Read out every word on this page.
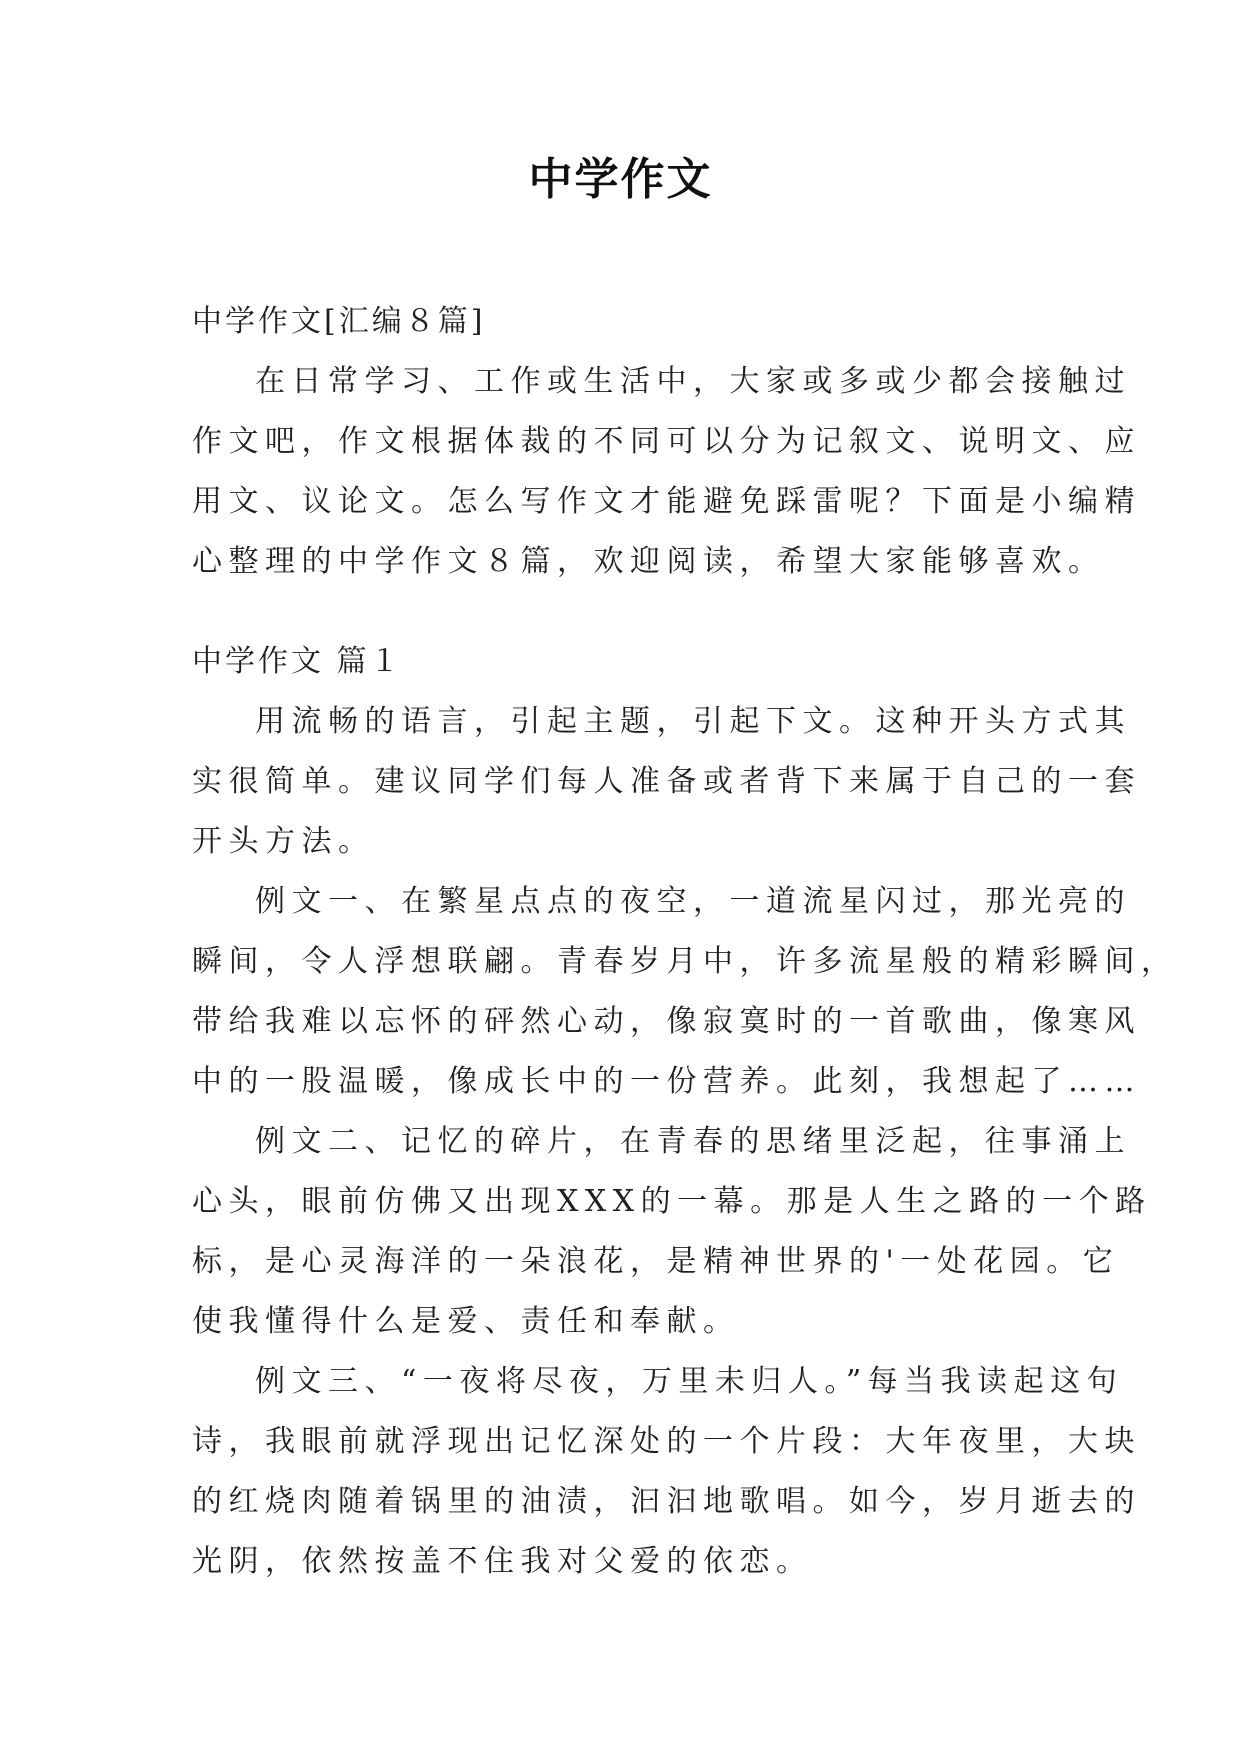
中学作文
中学作文[汇编８篇]
在日常学习、工作或生活中，大家或多或少都会接触过
作文吧，作文根据体裁的不同可以分为记叙文、说明文、应
用文、议论文。怎么写作文才能避免踩雷呢？下面是小编精
心整理的中学作文８篇，欢迎阅读，希望大家能够喜欢。
中学作文 篇１
用流畅的语言，引起主题，引起下文。这种开头方式其
实很简单。建议同学们每人准备或者背下来属于自己的一套
开头方法。
例文一、在繁星点点的夜空，一道流星闪过，那光亮的
瞬间，令人浮想联翩。青春岁月中，许多流星般的精彩瞬间，
带给我难以忘怀的砰然心动，像寂寞时的一首歌曲，像寒风
中的一股温暖，像成长中的一份营养。此刻，我想起了……
例文二、记忆的碎片，在青春的思绪里泛起，往事涌上
心头，眼前仿佛又出现XXX的一幕。那是人生之路的一个路
标，是心灵海洋的一朵浪花，是精神世界的'一处花园。它
使我懂得什么是爱、责任和奉献。
例文三、“一夜将尽夜，万里未归人。”每当我读起这句
诗，我眼前就浮现出记忆深处的一个片段：大年夜里，大块
的红烧肉随着锅里的油渍，汩汩地歌唱。如今，岁月逝去的
光阴，依然按盖不住我对父爱的依恋。
